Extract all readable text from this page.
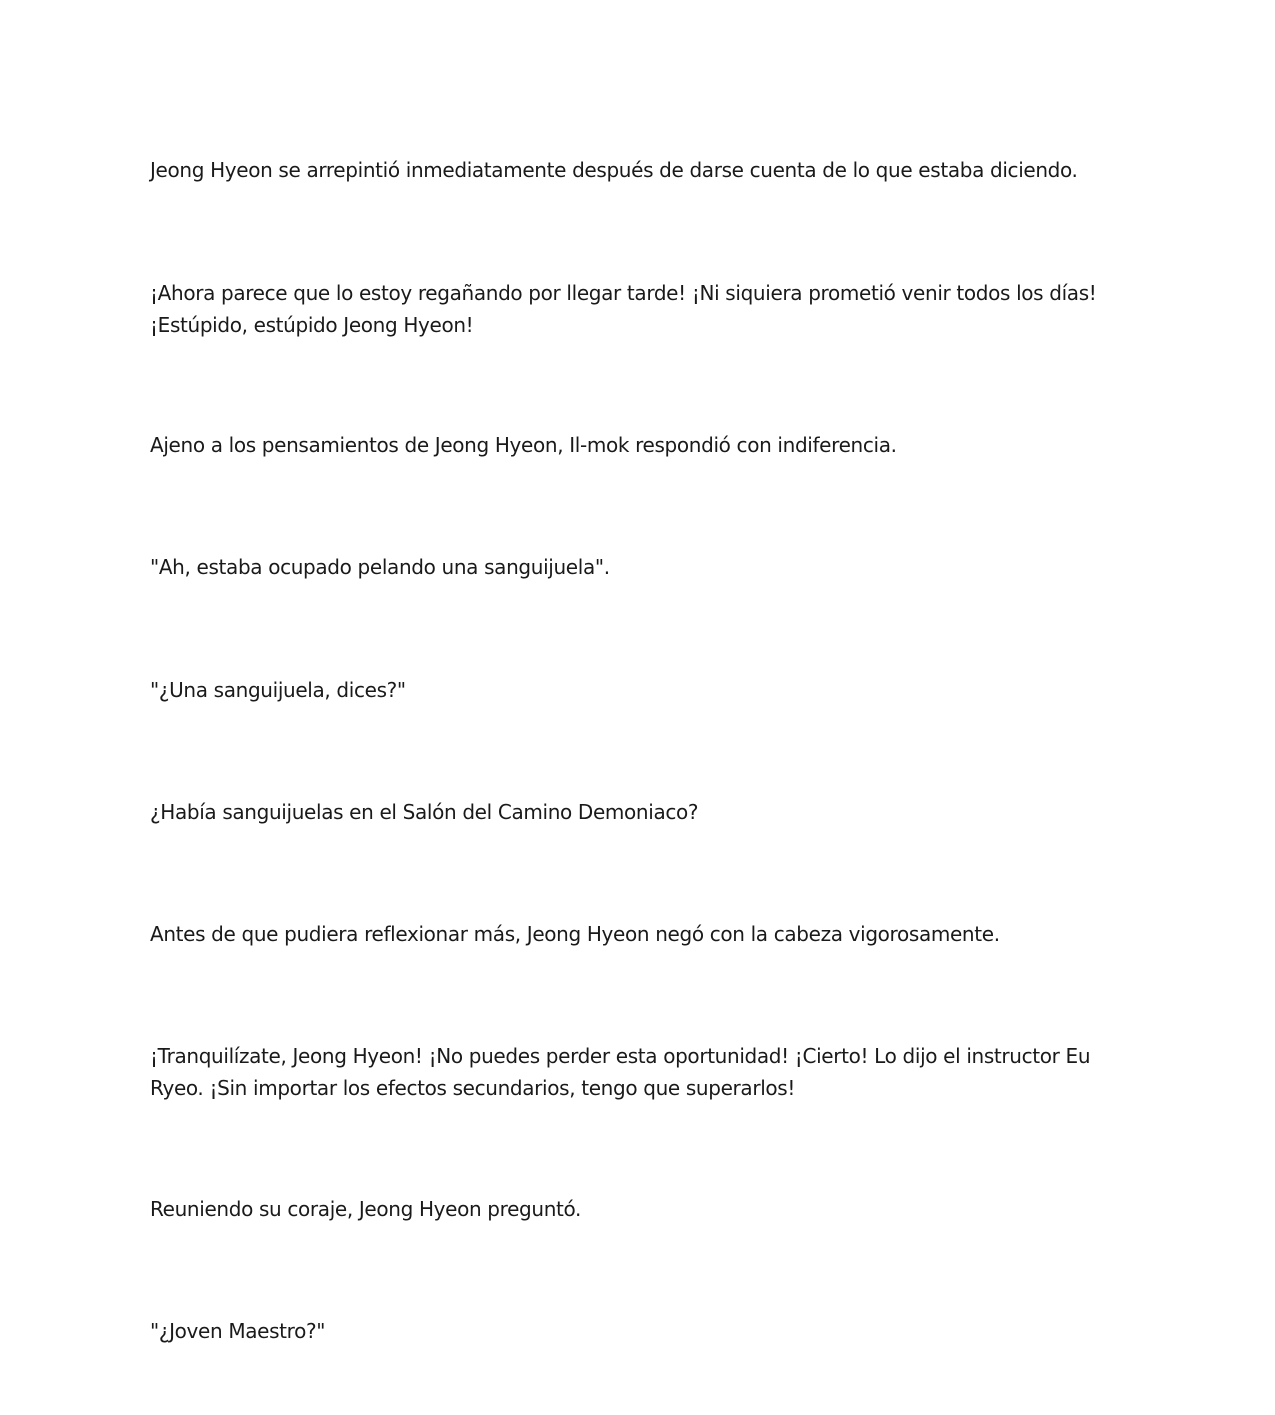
Jeong Hyeon se arrepintió inmediatamente después de darse cuenta de lo que estaba diciendo.

¡Ahora parece que lo estoy regañando por llegar tarde! ¡Ni siquiera prometió venir todos los días! ¡Estúpido, estúpido Jeong Hyeon!

Ajeno a los pensamientos de Jeong Hyeon, Il-mok respondió con indiferencia.

"Ah, estaba ocupado pelando una sanguijuela".

"¿Una sanguijuela, dices?"

¿Había sanguijuelas en el Salón del Camino Demoniaco?

Antes de que pudiera reflexionar más, Jeong Hyeon negó con la cabeza vigorosamente.

¡Tranquilízate, Jeong Hyeon! ¡No puedes perder esta oportunidad! ¡Cierto! Lo dijo el instructor Eu Ryeo. ¡Sin importar los efectos secundarios, tengo que superarlos!

Reuniendo su coraje, Jeong Hyeon preguntó.

"¿Joven Maestro?"
